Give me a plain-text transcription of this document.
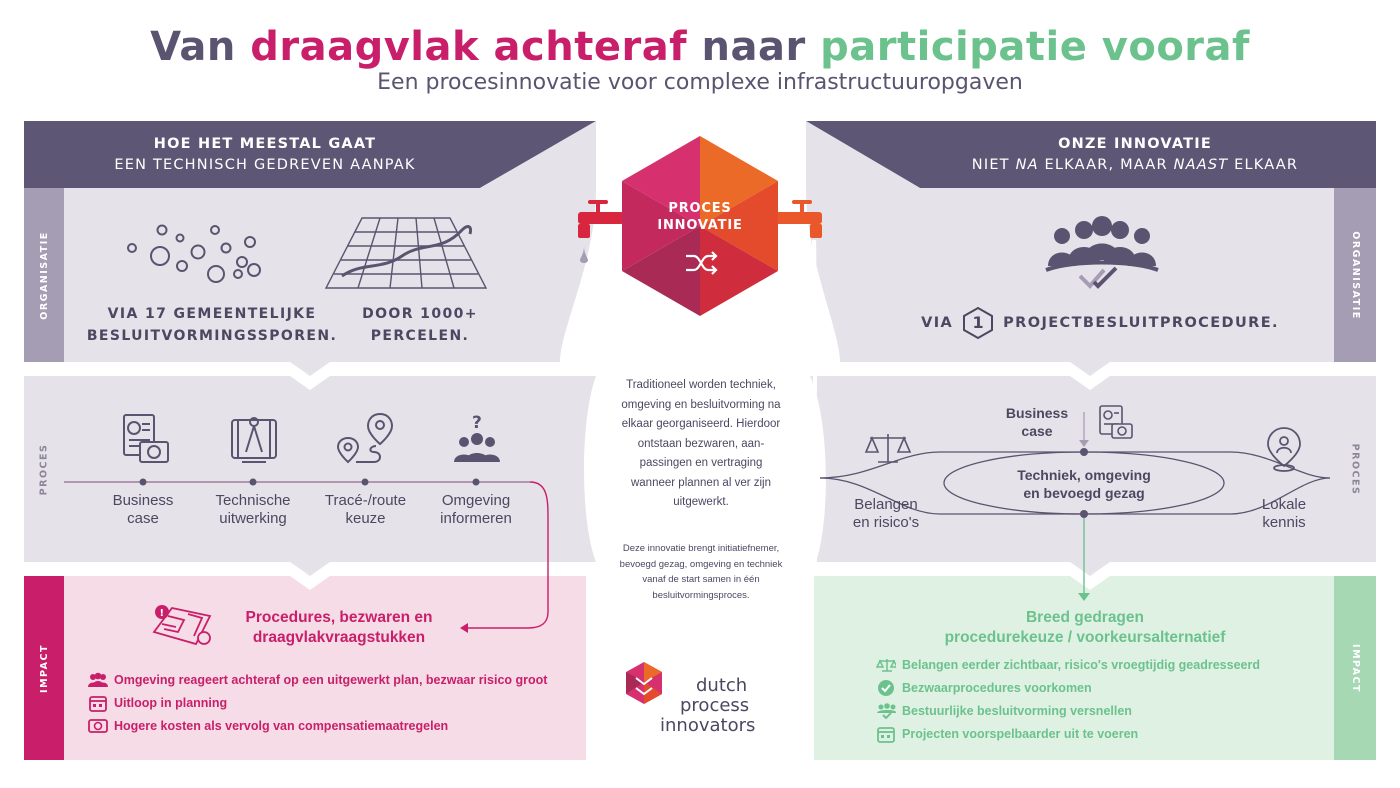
Van draagvlak achteraf naar participatie vooraf
Een procesinnovatie voor complexe infrastructuuropgaven
HOE HET MEESTAL GAAT
EEN TECHNISCH GEDREVEN AANPAK
ORGANISATIE
PROCES
IMPACT
VIA 17 GEMEENTELIJKE
BESLUITVORMINGSSPOREN.
DOOR 1000+
PERCELEN.
?
Business
case
Technische
uitwerking
Tracé-/route
keuze
Omgeving
informeren
!	Procedures, bezwaren en
draagvlakvraagstukken
Omgeving reageert achteraf op een uitgewerkt plan, bezwaar risico groot
Uitloop in planning
Hogere kosten als vervolg van compensatiemaatregelen
PROCES
INNOVATIE
Traditioneel worden techniek, omgeving en besluitvorming na elkaar georganiseerd. Hierdoor ontstaan bezwaren, aan-passingen en vertraging wanneer plannen al ver zijn uitgewerkt.
Deze innovatie brengt initiatiefnemer, bevoegd gezag, omgeving en techniek vanaf de start samen in één besluitvormingsproces.
dutch
process
innovators
ONZE INNOVATIE
NIET NA ELKAAR, MAAR NAAST ELKAAR
ORGANISATIE
PROCES
IMPACT
VIA	1	PROJECTBESLUITPROCEDURE.
Business
case
Techniek, omgeving
en bevoegd gezag
Belangen
en risico's
Lokale
kennis
Breed gedragen
procedurekeuze / voorkeursalternatief
Belangen eerder zichtbaar, risico's vroegtijdig geadresseerd
Bezwaarprocedures voorkomen
Bestuurlijke besluitvorming versnellen
Projecten voorspelbaarder uit te voeren
